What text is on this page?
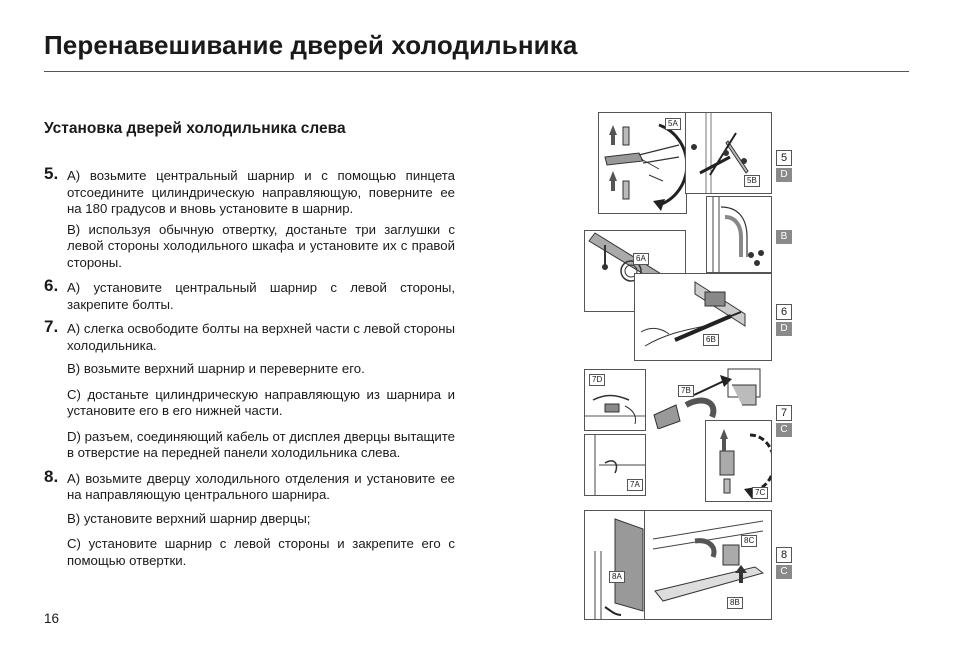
Перенавешивание дверей холодильника
Установка дверей холодильника слева

5. A) возьмите центральный шарнир и с помощью пинцета отсоедините цилиндрическую направляющую, поверните ее на 180 градусов и вновь установите в шарнир.

B) используя обычную отвертку, достаньте три заглушки с левой стороны холодильного шкафа и установите их с правой стороны.

6. A) установите центральный шарнир с левой стороны, закрепите болты.

7. A) слегка освободите болты на верхней части с левой стороны холодильника.

B) возьмите верхний шарнир и переверните его.

C) достаньте цилиндрическую направляющую из шарнира и установите его в его нижней части.

D) разъем, соединяющий кабель от дисплея дверцы вытащите в отверстие на передней панели холодильника слева.

8. A) возьмите дверцу холодильного отделения и установите ее на направляющую центрального шарнира.

B) установите верхний шарнир дверцы;

C) установите шарнир с левой стороны и закрепите его с помощью отвертки.

16
5A
5B
6A
6B
7D
7B
7A
7C
8A
8C
8B
5
D
B
6
D
7
C
8
C
